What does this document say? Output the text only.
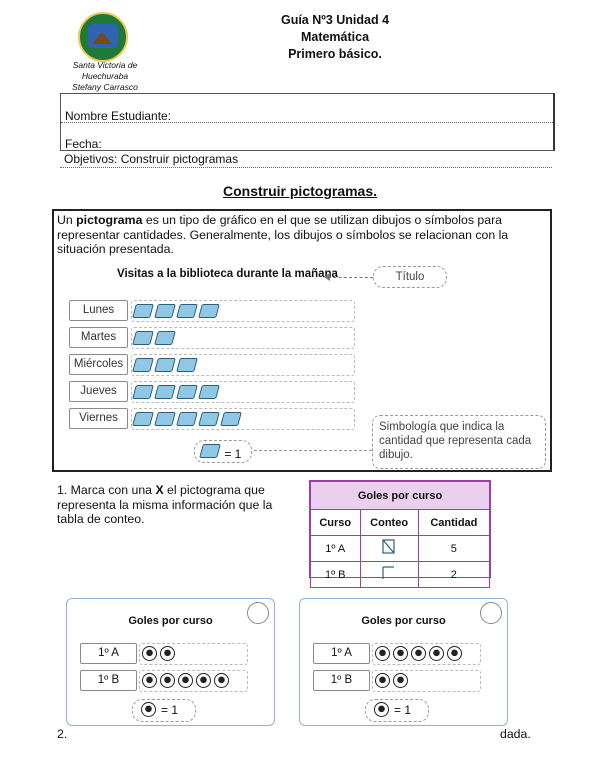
Santa Victoria de
Huechuraba
Stefany Carrasco
Guía Nº3 Unidad 4
Matemática
Primero básico.
Nombre Estudiante:
Fecha:
Objetivos: Construir pictogramas
Construir pictogramas.
Un pictograma es un tipo de gráfico en el que se utilizan dibujos o símbolos para representar cantidades. Generalmente, los dibujos o símbolos se relacionan con la situación presentada.
Visitas a la biblioteca durante la mañana	Título
Lunes
Martes
Miércoles
Jueves
Viernes
= 1
Simbología que indica la cantidad que representa cada dibujo.
1. Marca con una X el pictograma que representa la misma información que la tabla de conteo.
Goles por curso		
Curso	Conteo	Cantidad
1º A		5
1º B		2
Goles por curso
1º A
1º B
= 1
Goles por curso
1º A
1º B
= 1
2.	dada.
